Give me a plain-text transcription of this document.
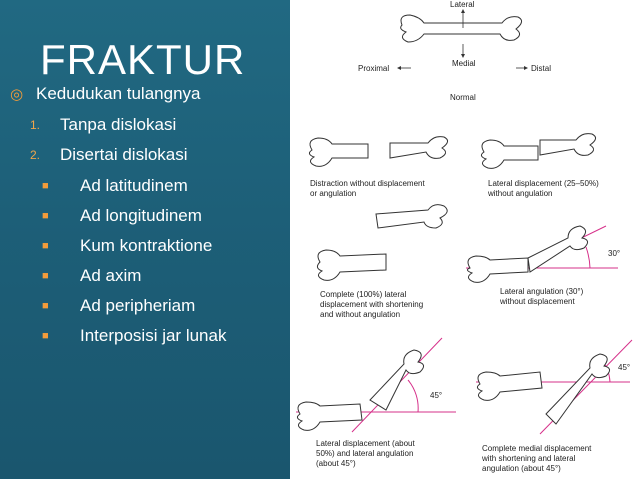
FRAKTUR
◎ Kedudukan tulangnya
1.	Tanpa dislokasi
2.	Disertai dislokasi
■	Ad latitudinem
■	Ad longitudinem
■	Kum kontraktione
■	Ad axim
■	Ad peripheriam
■	Interposisi jar lunak
Lateral
Medial
Proximal	Distal
Normal
Distraction without displacement
or angulation
Lateral displacement (25–50%)
without angulation
Complete (100%) lateral
displacement with shortening
and without angulation
30°
Lateral angulation (30°)
without displacement
45°
Lateral displacement (about
50%) and lateral angulation
(about 45°)
45°
Complete medial displacement
with shortening and lateral
angulation (about 45°)
